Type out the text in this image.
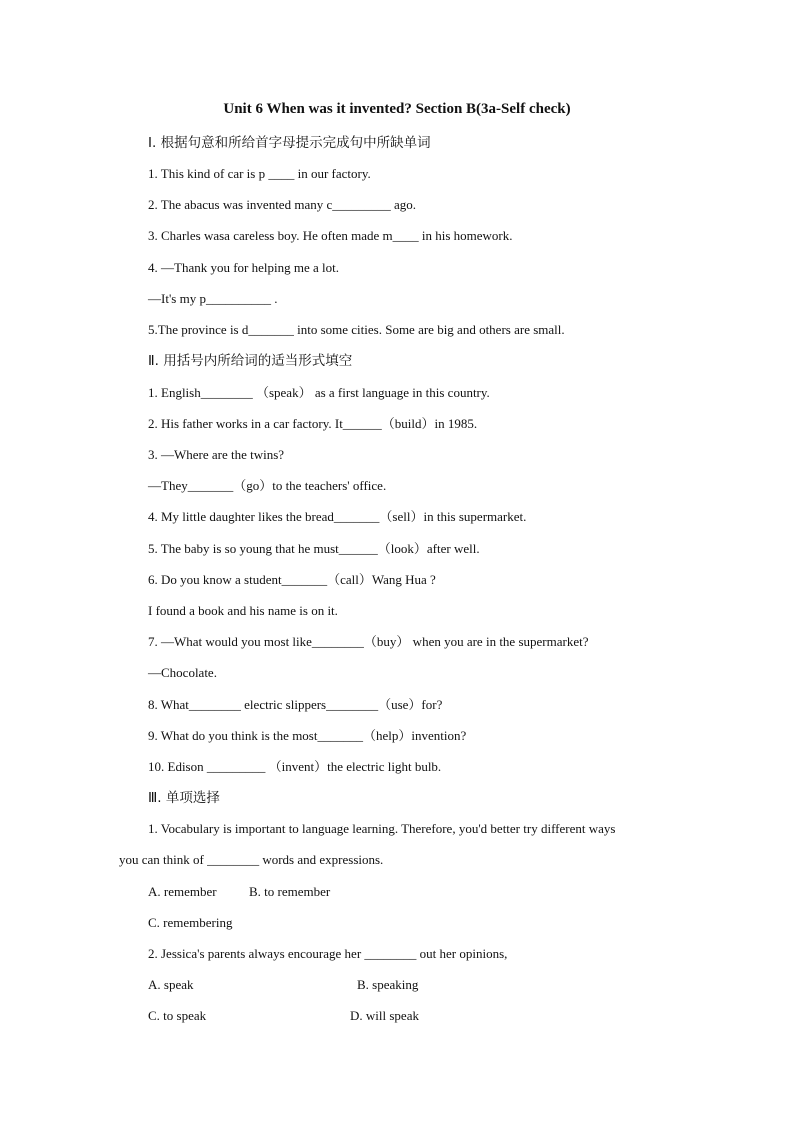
Unit 6 When was it invented? Section B(3a-Self check)
Ⅰ. 根据句意和所给首字母提示完成句中所缺单词
1. This kind of car is p ____ in our factory.
2. The abacus was invented many c_________ ago.
3. Charles wasa careless boy. He often made m____ in his homework.
4. —Thank you for helping me a lot.
—It's my p__________ .
5.The province is d_______ into some cities. Some are big and others are small.
Ⅱ. 用括号内所给词的适当形式填空
1. English________ （speak） as a first language in this country.
2. His father works in a car factory. It______（build）in 1985.
3. —Where are the twins?
—They_______（go）to the teachers' office.
4. My little daughter likes the bread_______（sell）in this supermarket.
5. The baby is so young that he must______（look）after well.
6. Do you know a student_______（call）Wang Hua ?
I found a book and his name is on it.
7. —What would you most like________（buy） when you are in the supermarket?
—Chocolate.
8. What________ electric slippers________（use）for?
9. What do you think is the most_______（help）invention?
10. Edison _________ （invent）the electric light bulb.
Ⅲ. 单项选择
1. Vocabulary is important to language learning. Therefore, you'd better try different ways
you can think of ________ words and expressions.
A. remember B. to remember
C. remembering
2. Jessica's parents always encourage her ________ out her opinions,
A. speak	B. speaking
C. to speak	D. will speak
